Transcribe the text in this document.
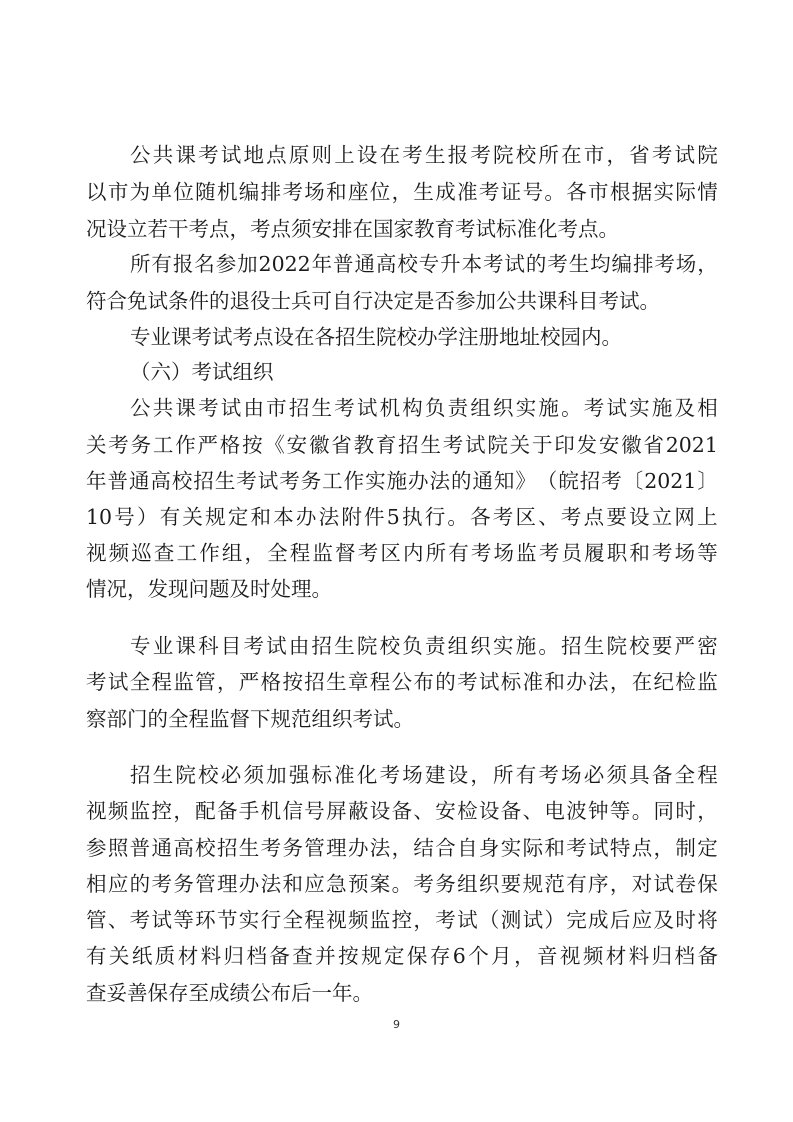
公 共 课 考 试 地 点 原 则 上 设 在 考 生 报 考 院 校 所 在 市 ， 省 考 试 院
以 市 为 单 位 随 机 编 排 考 场 和 座 位 ， 生 成 准 考 证 号 。 各 市 根 据 实 际 情
况 设 立 若 干 考 点 ， 考 点 须 安 排 在 国 家 教 育 考 试 标 准 化 考 点 。
所 有 报 名 参 加 2022 年 普 通 高 校 专 升 本 考 试 的 考 生 均 编 排 考 场 ，
符 合 免 试 条 件 的 退 役 士 兵 可 自 行 决 定 是 否 参 加 公 共 课 科 目 考 试 。
专 业 课 考 试 考 点 设 在 各 招 生 院 校 办 学 注 册 地 址 校 园 内 。
（ 六 ） 考 试 组 织
公 共 课 考 试 由 市 招 生 考 试 机 构 负 责 组 织 实 施 。 考 试 实 施 及 相
关 考 务 工 作 严 格 按 《 安 徽 省 教 育 招 生 考 试 院 关 于 印 发 安 徽 省 2021
年 普 通 高 校 招 生 考 试 考 务 工 作 实 施 办 法 的 通 知 》 （ 皖 招 考 〔 2021 〕
10 号 ） 有 关 规 定 和 本 办 法 附 件 5 执 行 。 各 考 区 、 考 点 要 设 立 网 上
视 频 巡 查 工 作 组 ， 全 程 监 督 考 区 内 所 有 考 场 监 考 员 履 职 和 考 场 等
情 况 ， 发 现 问 题 及 时 处 理 。
专 业 课 科 目 考 试 由 招 生 院 校 负 责 组 织 实 施 。 招 生 院 校 要 严 密
考 试 全 程 监 管 ， 严 格 按 招 生 章 程 公 布 的 考 试 标 准 和 办 法 ， 在 纪 检 监
察 部 门 的 全 程 监 督 下 规 范 组 织 考 试 。
招 生 院 校 必 须 加 强 标 准 化 考 场 建 设 ， 所 有 考 场 必 须 具 备 全 程
视 频 监 控 ， 配 备 手 机 信 号 屏 蔽 设 备 、 安 检 设 备 、 电 波 钟 等 。 同 时 ，
参 照 普 通 高 校 招 生 考 务 管 理 办 法 ， 结 合 自 身 实 际 和 考 试 特 点 ， 制 定
相 应 的 考 务 管 理 办 法 和 应 急 预 案 。 考 务 组 织 要 规 范 有 序 ， 对 试 卷 保
管 、 考 试 等 环 节 实 行 全 程 视 频 监 控 ， 考 试 （ 测 试 ） 完 成 后 应 及 时 将
有 关 纸 质 材 料 归 档 备 查 并 按 规 定 保 存 6 个 月 ， 音 视 频 材 料 归 档 备
查 妥 善 保 存 至 成 绩 公 布 后 一 年 。
9
